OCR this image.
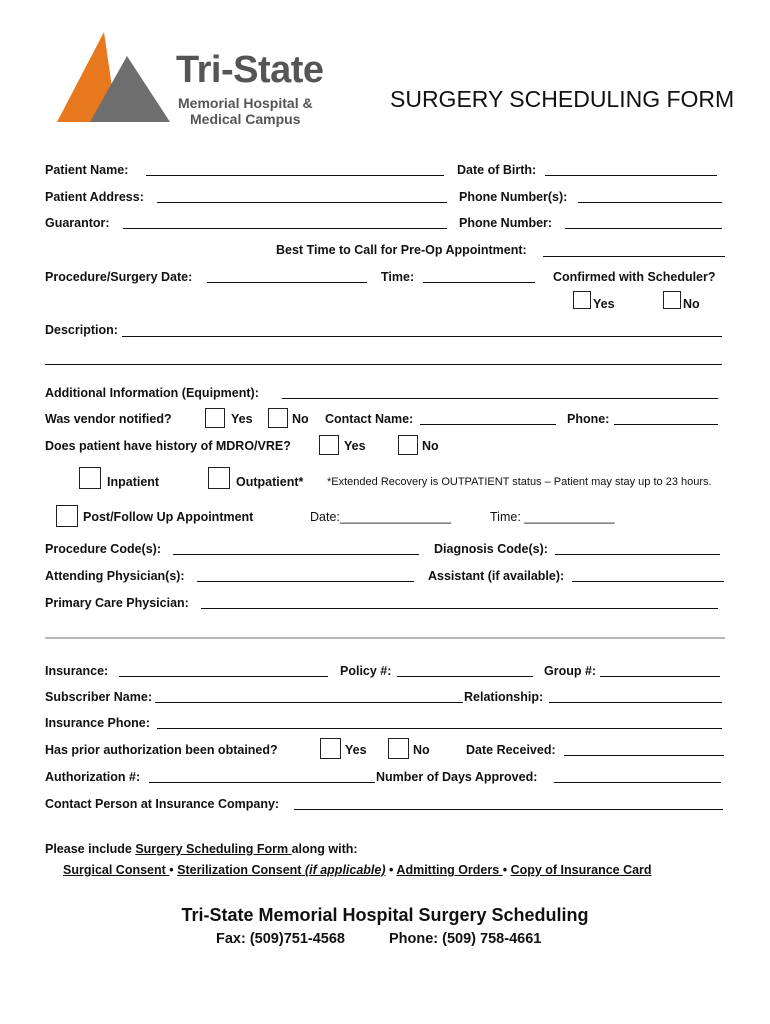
Tri-State
Memorial Hospital &
Medical Campus
SURGERY SCHEDULING FORM
Patient Name:	Date of Birth:
Patient Address:	Phone Number(s):
Guarantor:	Phone Number:
Best Time to Call for Pre-Op Appointment:
Procedure/Surgery Date:	Time:	Confirmed with Scheduler?
Yes	No
Description:
Additional Information (Equipment):
Was vendor notified?	Yes	No Contact Name:	Phone:
Does patient have history of MDRO/VRE?	Yes	No
Inpatient	Outpatient* *Extended Recovery is OUTPATIENT status – Patient may stay up to 23 hours.
Post/Follow Up Appointment	Date:________________	Time: _____________
Procedure Code(s):	Diagnosis Code(s):
Attending Physician(s):	Assistant (if available):
Primary Care Physician:
Insurance:	Policy #:	Group #:
Subscriber Name:	Relationship:
Insurance Phone:
Has prior authorization been obtained?	Yes	No	Date Received:
Authorization #:	Number of Days Approved:
Contact Person at Insurance Company:
Please include Surgery Scheduling Form along with:
Surgical Consent • Sterilization Consent (if applicable) • Admitting Orders • Copy of Insurance Card
Tri-State Memorial Hospital Surgery Scheduling
Fax: (509)751-4568	Phone: (509) 758-4661
